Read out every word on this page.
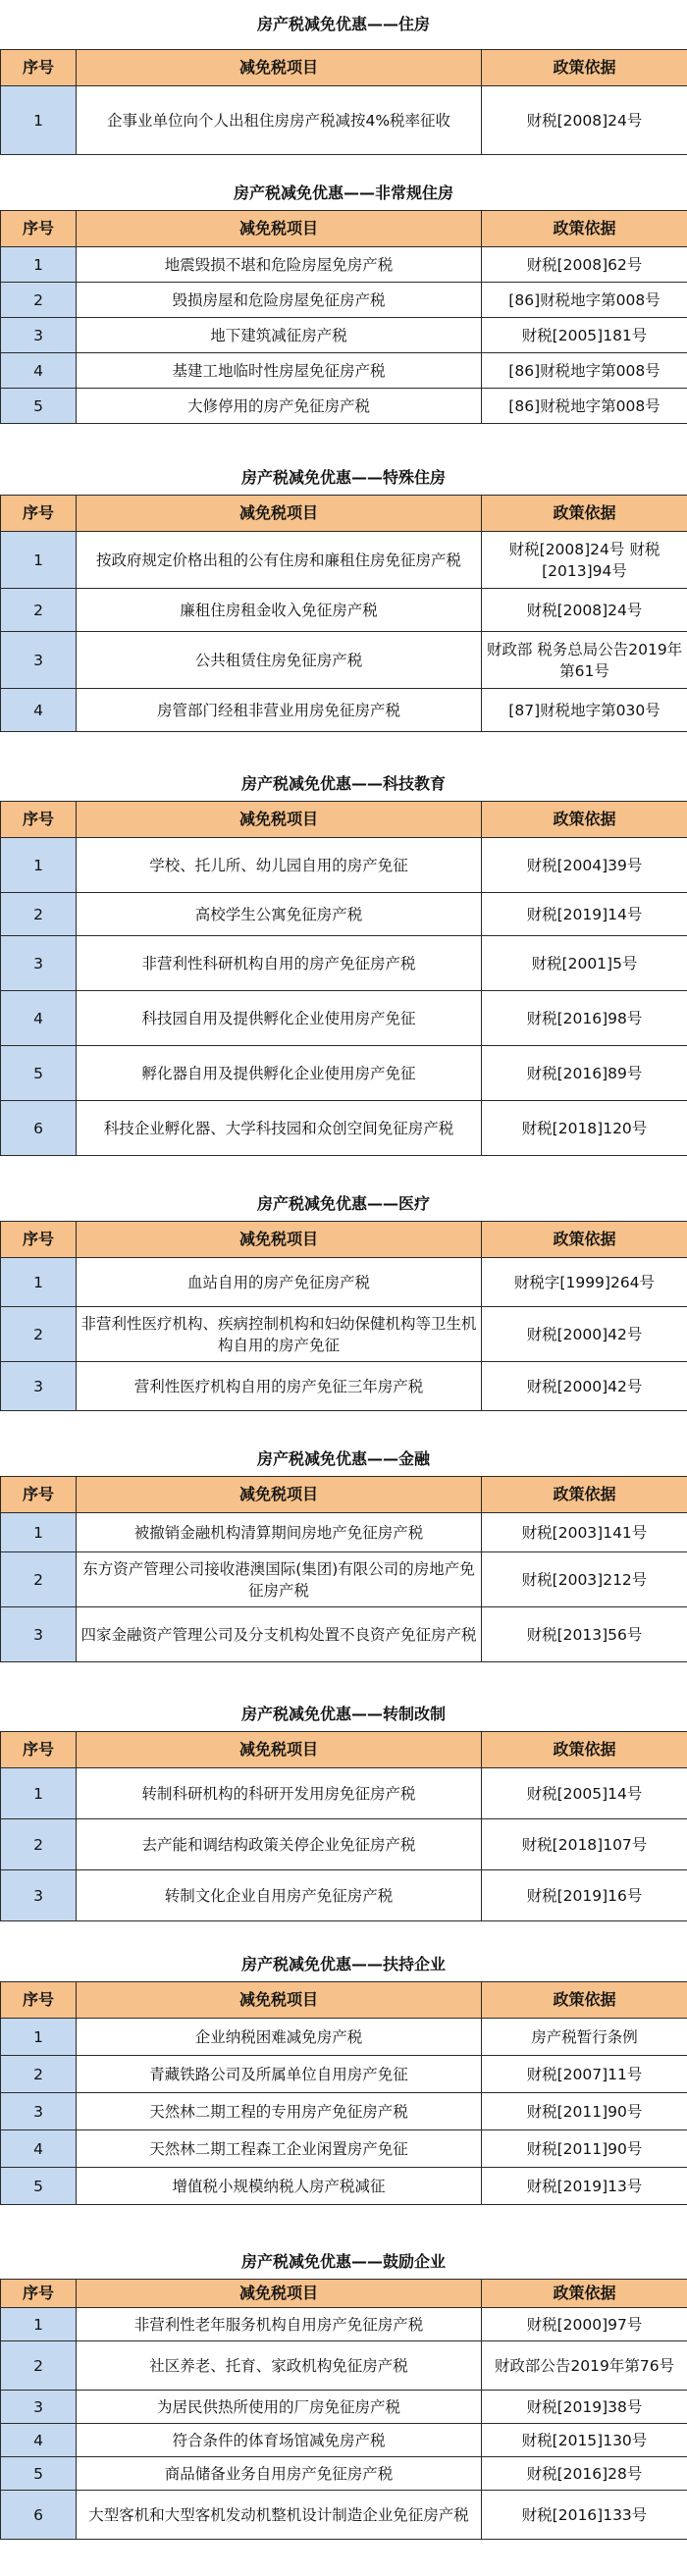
房产税减免优惠——住房
序号	减免税项目	政策依据
1	企事业单位向个人出租住房房产税减按4%税率征收	财税[2008]24号
房产税减免优惠——非常规住房
序号	减免税项目	政策依据
1	地震毁损不堪和危险房屋免房产税	财税[2008]62号
2	毁损房屋和危险房屋免征房产税	[86]财税地字第008号
3	地下建筑减征房产税	财税[2005]181号
4	基建工地临时性房屋免征房产税	[86]财税地字第008号
5	大修停用的房产免征房产税	[86]财税地字第008号
房产税减免优惠——特殊住房
序号	减免税项目	政策依据
1	按政府规定价格出租的公有住房和廉租住房免征房产税	财税[2008]24号 财税[2013]94号
2	廉租住房租金收入免征房产税	财税[2008]24号
3	公共租赁住房免征房产税	财政部 税务总局公告2019年第61号
4	房管部门经租非营业用房免征房产税	[87]财税地字第030号
房产税减免优惠——科技教育
序号	减免税项目	政策依据
1	学校、托儿所、幼儿园自用的房产免征	财税[2004]39号
2	高校学生公寓免征房产税	财税[2019]14号
3	非营利性科研机构自用的房产免征房产税	财税[2001]5号
4	科技园自用及提供孵化企业使用房产免征	财税[2016]98号
5	孵化器自用及提供孵化企业使用房产免征	财税[2016]89号
6	科技企业孵化器、大学科技园和众创空间免征房产税	财税[2018]120号
房产税减免优惠——医疗
序号	减免税项目	政策依据
1	血站自用的房产免征房产税	财税字[1999]264号
2	非营利性医疗机构、疾病控制机构和妇幼保健机构等卫生机构自用的房产免征	财税[2000]42号
3	营利性医疗机构自用的房产免征三年房产税	财税[2000]42号
房产税减免优惠——金融
序号	减免税项目	政策依据
1	被撤销金融机构清算期间房地产免征房产税	财税[2003]141号
2	东方资产管理公司接收港澳国际(集团)有限公司的房地产免征房产税	财税[2003]212号
3	四家金融资产管理公司及分支机构处置不良资产免征房产税	财税[2013]56号
房产税减免优惠——转制改制
序号	减免税项目	政策依据
1	转制科研机构的科研开发用房免征房产税	财税[2005]14号
2	去产能和调结构政策关停企业免征房产税	财税[2018]107号
3	转制文化企业自用房产免征房产税	财税[2019]16号
房产税减免优惠——扶持企业
序号	减免税项目	政策依据
1	企业纳税困难减免房产税	房产税暂行条例
2	青藏铁路公司及所属单位自用房产免征	财税[2007]11号
3	天然林二期工程的专用房产免征房产税	财税[2011]90号
4	天然林二期工程森工企业闲置房产免征	财税[2011]90号
5	增值税小规模纳税人房产税减征	财税[2019]13号
房产税减免优惠——鼓励企业
序号	减免税项目	政策依据
1	非营利性老年服务机构自用房产免征房产税	财税[2000]97号
2	社区养老、托育、家政机构免征房产税	财政部公告2019年第76号
3	为居民供热所使用的厂房免征房产税	财税[2019]38号
4	符合条件的体育场馆减免房产税	财税[2015]130号
5	商品储备业务自用房产免征房产税	财税[2016]28号
6	大型客机和大型客机发动机整机设计制造企业免征房产税	财税[2016]133号
